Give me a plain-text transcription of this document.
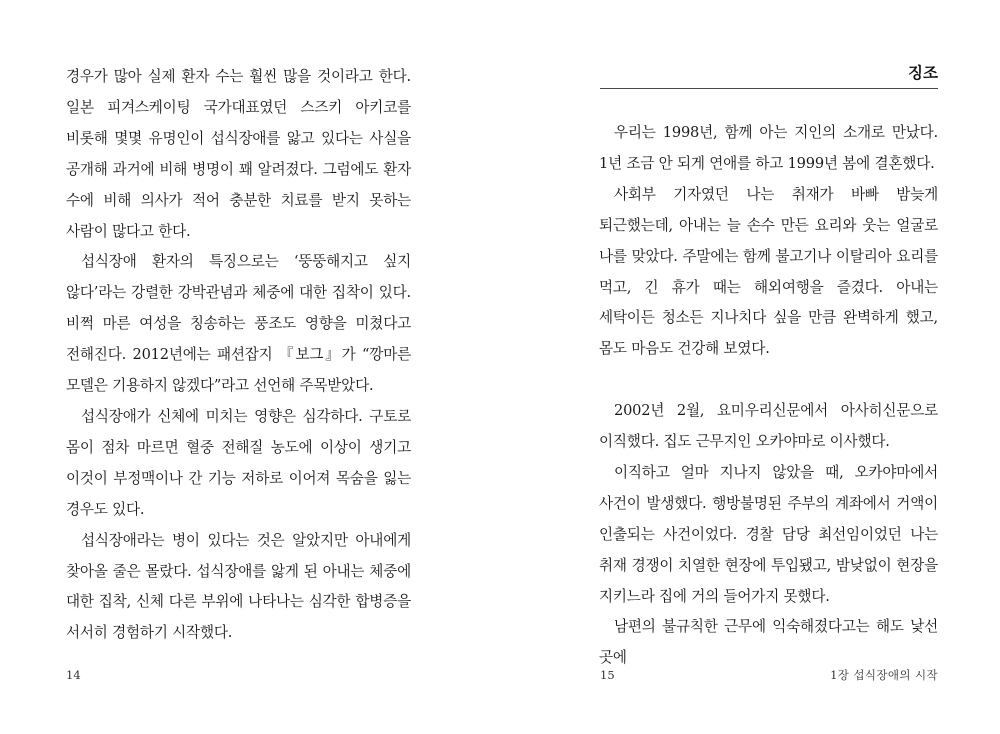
경우가 많아 실제 환자 수는 훨씬 많을 것이라고 한다. 일본 피겨스케이팅 국가대표였던 스즈키 아키코를 비롯해 몇몇 유명인이 섭식장애를 앓고 있다는 사실을 공개해 과거에 비해 병명이 꽤 알려졌다. 그럼에도 환자 수에 비해 의사가 적어 충분한 치료를 받지 못하는 사람이 많다고 한다.

섭식장애 환자의 특징으로는 ‘뚱뚱해지고 싶지 않다’라는 강렬한 강박관념과 체중에 대한 집착이 있다. 비쩍 마른 여성을 칭송하는 풍조도 영향을 미쳤다고 전해진다. 2012년에는 패션잡지 『보그』가 “깡마른 모델은 기용하지 않겠다”라고 선언해 주목받았다.

섭식장애가 신체에 미치는 영향은 심각하다. 구토로 몸이 점차 마르면 혈중 전해질 농도에 이상이 생기고 이것이 부정맥이나 간 기능 저하로 이어져 목숨을 잃는 경우도 있다.

섭식장애라는 병이 있다는 것은 알았지만 아내에게 찾아올 줄은 몰랐다. 섭식장애를 앓게 된 아내는 체중에 대한 집착, 신체 다른 부위에 나타나는 심각한 합병증을 서서히 경험하기 시작했다.

14
징조

우리는 1998년, 함께 아는 지인의 소개로 만났다. 1년 조금 안 되게 연애를 하고 1999년 봄에 결혼했다.

사회부 기자였던 나는 취재가 바빠 밤늦게 퇴근했는데, 아내는 늘 손수 만든 요리와 웃는 얼굴로 나를 맞았다. 주말에는 함께 불고기나 이탈리아 요리를 먹고, 긴 휴가 때는 해외여행을 즐겼다. 아내는 세탁이든 청소든 지나치다 싶을 만큼 완벽하게 했고, 몸도 마음도 건강해 보였다.

2002년 2월, 요미우리신문에서 아사히신문으로 이직했다. 집도 근무지인 오카야마로 이사했다.

이직하고 얼마 지나지 않았을 때, 오카야마에서 사건이 발생했다. 행방불명된 주부의 계좌에서 거액이 인출되는 사건이었다. 경찰 담당 최선임이었던 나는 취재 경쟁이 치열한 현장에 투입됐고, 밤낮없이 현장을 지키느라 집에 거의 들어가지 못했다.

남편의 불규칙한 근무에 익숙해졌다고는 해도 낯선 곳에

15	1장 섭식장애의 시작
